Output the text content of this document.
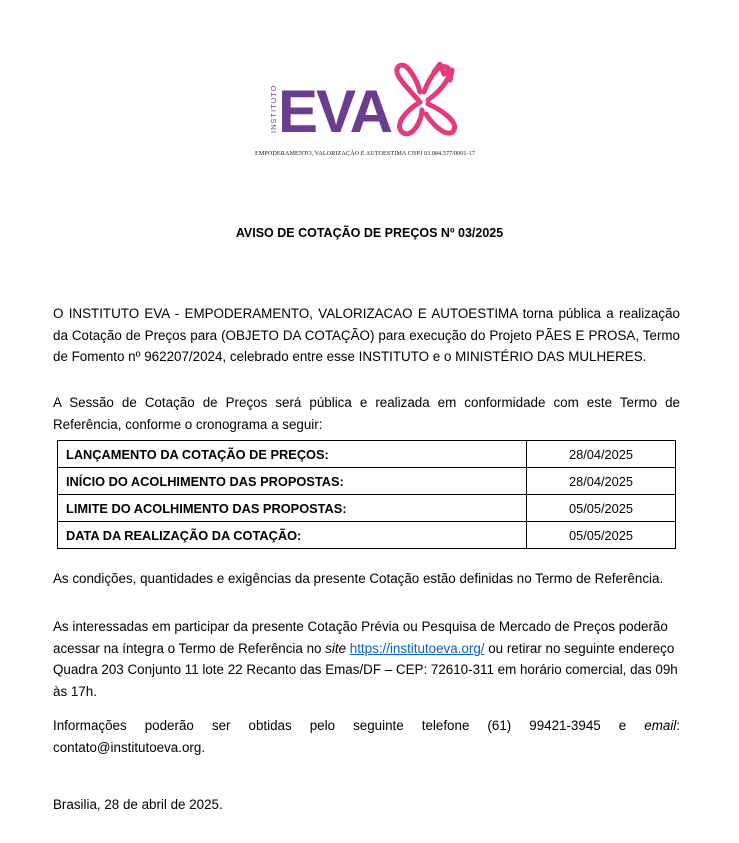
INSTITUTO EVA
EMPODERAMENTO, VALORIZAÇÃO E AUTOESTIMA CNPJ 03.084.577/0001-17
AVISO DE COTAÇÃO DE PREÇOS Nº 03/2025
O INSTITUTO EVA - EMPODERAMENTO, VALORIZACAO E AUTOESTIMA torna pública a realização da Cotação de Preços para (OBJETO DA COTAÇÃO) para execução do Projeto PÃES E PROSA, Termo de Fomento nº 962207/2024, celebrado entre esse INSTITUTO e o MINISTÉRIO DAS MULHERES.
A Sessão de Cotação de Preços será pública e realizada em conformidade com este Termo de Referência, conforme o cronograma a seguir:
LANÇAMENTO DA COTAÇÃO DE PREÇOS:	28/04/2025
INÍCIO DO ACOLHIMENTO DAS PROPOSTAS:	28/04/2025
LIMITE DO ACOLHIMENTO DAS PROPOSTAS:	05/05/2025
DATA DA REALIZAÇÃO DA COTAÇÃO:	05/05/2025
As condições, quantidades e exigências da presente Cotação estão definidas no Termo de Referência.
As interessadas em participar da presente Cotação Prévia ou Pesquisa de Mercado de Preços poderão acessar na íntegra o Termo de Referência no site https://institutoeva.org/ ou retirar no seguinte endereço Quadra 203 Conjunto 11 lote 22 Recanto das Emas/DF – CEP: 72610-311 em horário comercial, das 09h às 17h.
Informações poderão ser obtidas pelo seguinte telefone (61) 99421-3945 e email: contato@institutoeva.org.
Brasilia, 28 de abril de 2025.
